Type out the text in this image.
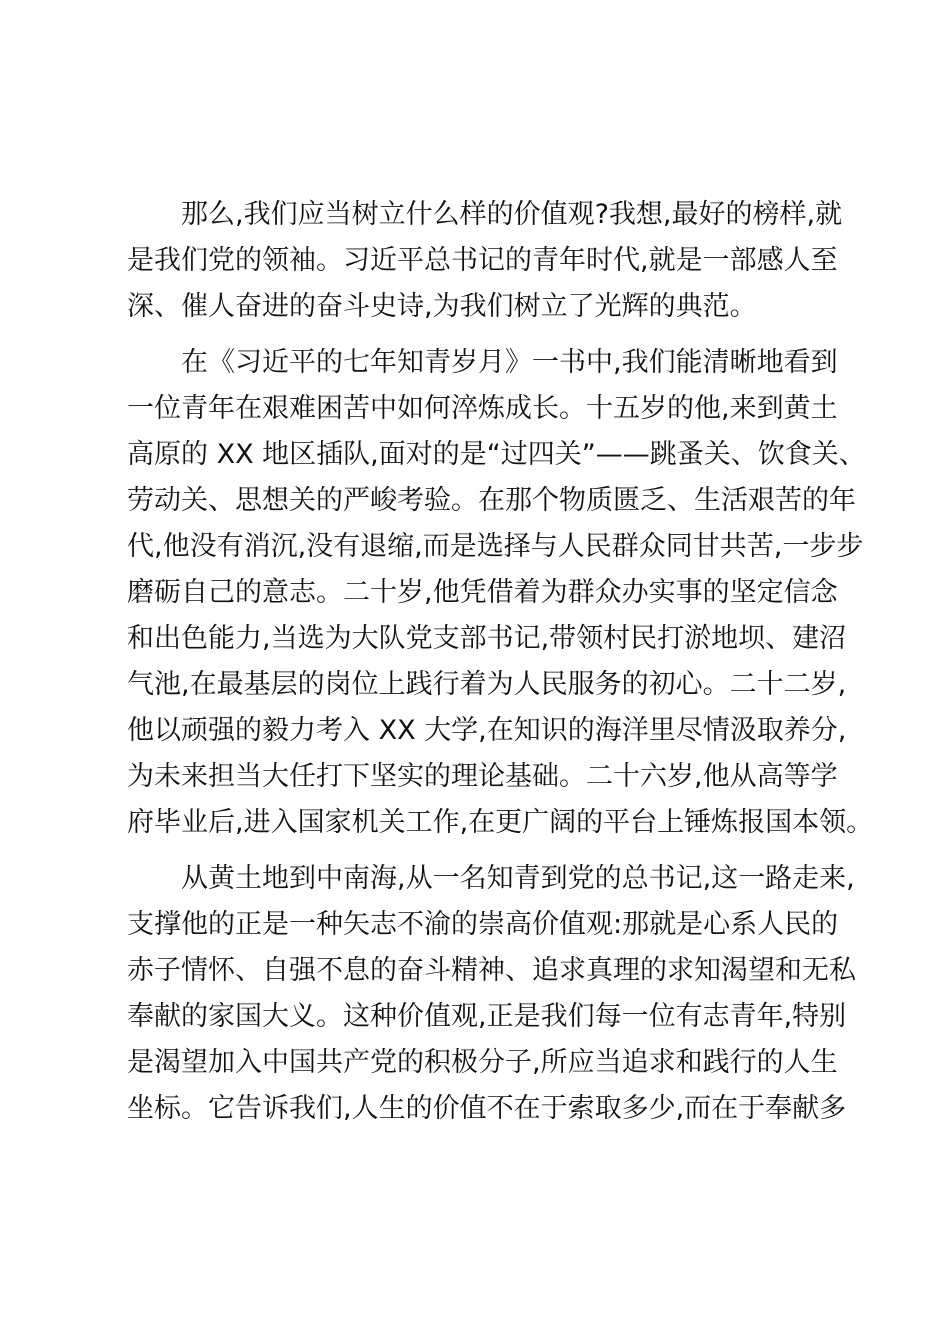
那么,我们应当树立什么样的价值观?我想,最好的榜样,就
是我们党的领袖。习近平总书记的青年时代,就是一部感人至
深、催人奋进的奋斗史诗,为我们树立了光辉的典范。
在《习近平的七年知青岁月》一书中,我们能清晰地看到
一位青年在艰难困苦中如何淬炼成长。十五岁的他,来到黄土
高原的 XX 地区插队,面对的是“过四关”——跳蚤关、饮食关、
劳动关、思想关的严峻考验。在那个物质匮乏、生活艰苦的年
代,他没有消沉,没有退缩,而是选择与人民群众同甘共苦,一步步
磨砺自己的意志。二十岁,他凭借着为群众办实事的坚定信念
和出色能力,当选为大队党支部书记,带领村民打淤地坝、建沼
气池,在最基层的岗位上践行着为人民服务的初心。二十二岁,
他以顽强的毅力考入 XX 大学,在知识的海洋里尽情汲取养分,
为未来担当大任打下坚实的理论基础。二十六岁,他从高等学
府毕业后,进入国家机关工作,在更广阔的平台上锤炼报国本领。
从黄土地到中南海,从一名知青到党的总书记,这一路走来,
支撑他的正是一种矢志不渝的崇高价值观:那就是心系人民的
赤子情怀、自强不息的奋斗精神、追求真理的求知渴望和无私
奉献的家国大义。这种价值观,正是我们每一位有志青年,特别
是渴望加入中国共产党的积极分子,所应当追求和践行的人生
坐标。它告诉我们,人生的价值不在于索取多少,而在于奉献多
